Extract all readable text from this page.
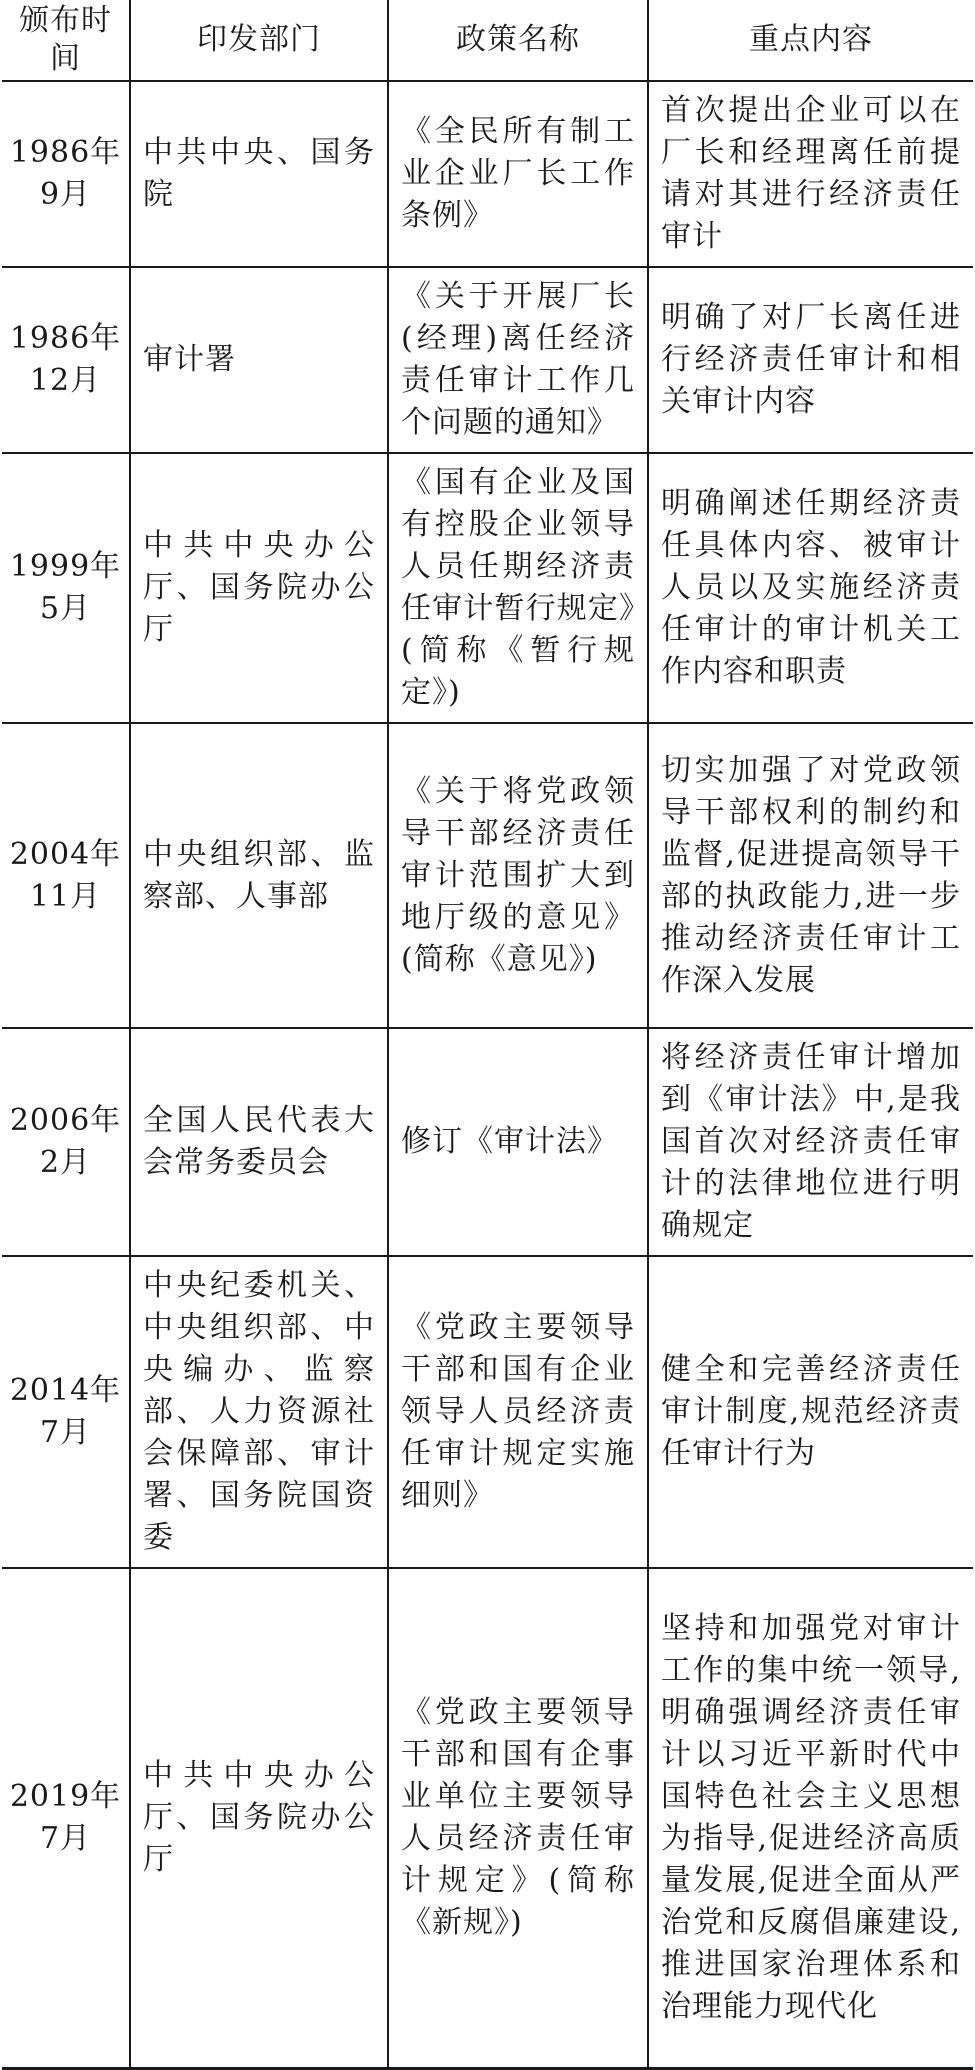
颁布时间	印发部门	政策名称	重点内容
1986年9月	中共中央、国务院	《全民所有制工业企业厂长工作条例》	首次提出企业可以在厂长和经理离任前提请对其进行经济责任审计
1986年12月	审计署	《关于开展厂长(经理)离任经济责任审计工作几个问题的通知》	明确了对厂长离任进行经济责任审计和相关审计内容
1999年5月	中共中央办公厅、国务院办公厅	《国有企业及国有控股企业领导人员任期经济责任审计暂行规定》(简称《暂行规定》)	明确阐述任期经济责任具体内容、被审计人员以及实施经济责任审计的审计机关工作内容和职责
2004年11月	中央组织部、监察部、人事部	《关于将党政领导干部经济责任审计范围扩大到地厅级的意见》(简称《意见》)	切实加强了对党政领导干部权利的制约和监督,促进提高领导干部的执政能力,进一步推动经济责任审计工作深入发展
2006年2月	全国人民代表大会常务委员会	修订《审计法》	将经济责任审计增加到《审计法》中,是我国首次对经济责任审计的法律地位进行明确规定
2014年7月	中央纪委机关、中央组织部、中央编办、监察部、人力资源社会保障部、审计署、国务院国资委	《党政主要领导干部和国有企业领导人员经济责任审计规定实施细则》	健全和完善经济责任审计制度,规范经济责任审计行为
2019年7月	中共中央办公厅、国务院办公厅	《党政主要领导干部和国有企事业单位主要领导人员经济责任审计规定》(简称《新规》)	坚持和加强党对审计工作的集中统一领导,明确强调经济责任审计以习近平新时代中国特色社会主义思想为指导,促进经济高质量发展,促进全面从严治党和反腐倡廉建设,推进国家治理体系和治理能力现代化
